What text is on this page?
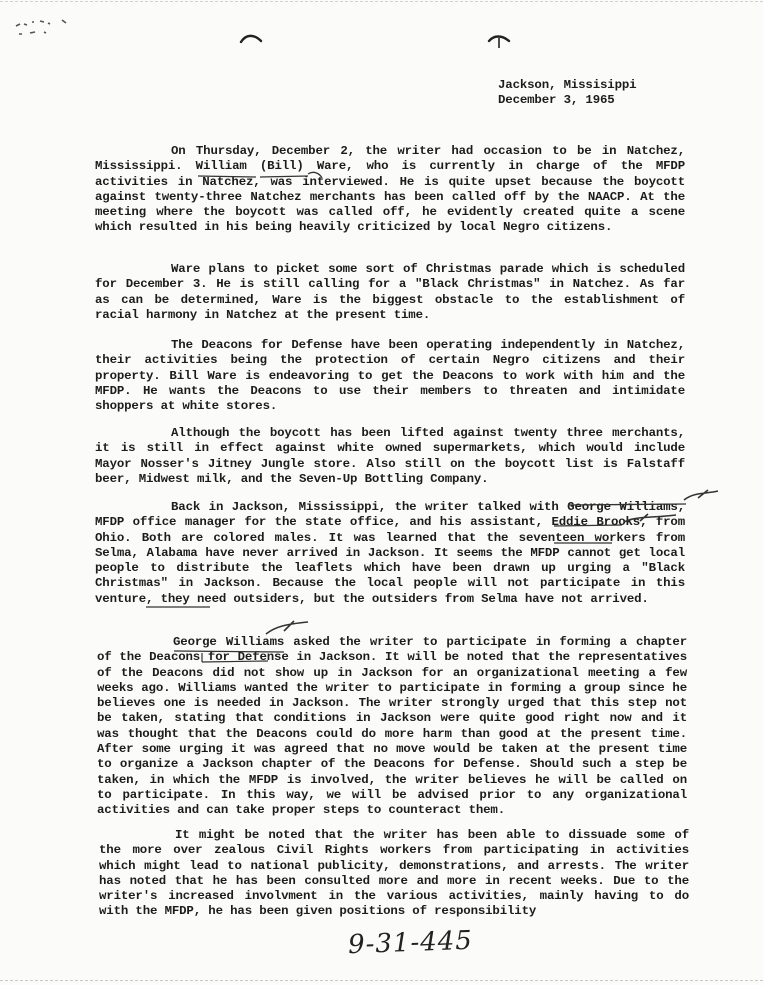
Jackson, Missisippi
December 3, 1965

On Thursday, December 2, the writer had occasion to be in Natchez, Mississippi. William (Bill) Ware, who is currently in charge of the MFDP activities in Natchez, was interviewed. He is quite upset because the boycott against twenty-three Natchez merchants has been called off by the NAACP. At the meeting where the boycott was called off, he evidently created quite a scene which resulted in his being heavily criticized by local Negro citizens.

Ware plans to picket some sort of Christmas parade which is scheduled for December 3. He is still calling for a "Black Christmas" in Natchez. As far as can be determined, Ware is the biggest obstacle to the establishment of racial harmony in Natchez at the present time.

The Deacons for Defense have been operating independently in Natchez, their activities being the protection of certain Negro citizens and their property. Bill Ware is endeavoring to get the Deacons to work with him and the MFDP. He wants the Deacons to use their members to threaten and intimidate shoppers at white stores.

Although the boycott has been lifted against twenty three merchants, it is still in effect against white owned supermarkets, which would include Mayor Nosser's Jitney Jungle store. Also still on the boycott list is Falstaff beer, Midwest milk, and the Seven-Up Bottling Company.

Back in Jackson, Mississippi, the writer talked with George Williams, MFDP office manager for the state office, and his assistant, Eddie Brooks, from Ohio. Both are colored males. It was learned that the seventeen workers from Selma, Alabama have never arrived in Jackson. It seems the MFDP cannot get local people to distribute the leaflets which have been drawn up urging a "Black Christmas" in Jackson. Because the local people will not participate in this venture, they need outsiders, but the outsiders from Selma have not arrived.

George Williams asked the writer to participate in forming a chapter of the Deacons for Defense in Jackson. It will be noted that the representatives of the Deacons did not show up in Jackson for an organizational meeting a few weeks ago. Williams wanted the writer to participate in forming a group since he believes one is needed in Jackson. The writer strongly urged that this step not be taken, stating that conditions in Jackson were quite good right now and it was thought that the Deacons could do more harm than good at the present time. After some urging it was agreed that no move would be taken at the present time to organize a Jackson chapter of the Deacons for Defense. Should such a step be taken, in which the MFDP is involved, the writer believes he will be called on to participate. In this way, we will be advised prior to any organizational activities and can take proper steps to counteract them.

It might be noted that the writer has been able to dissuade some of the more over zealous Civil Rights workers from participating in activities which might lead to national publicity, demonstrations, and arrests. The writer has noted that he has been consulted more and more in recent weeks. Due to the writer's increased involvment in the various activities, mainly having to do with the MFDP, he has been given positions of responsibility

9-31-445
